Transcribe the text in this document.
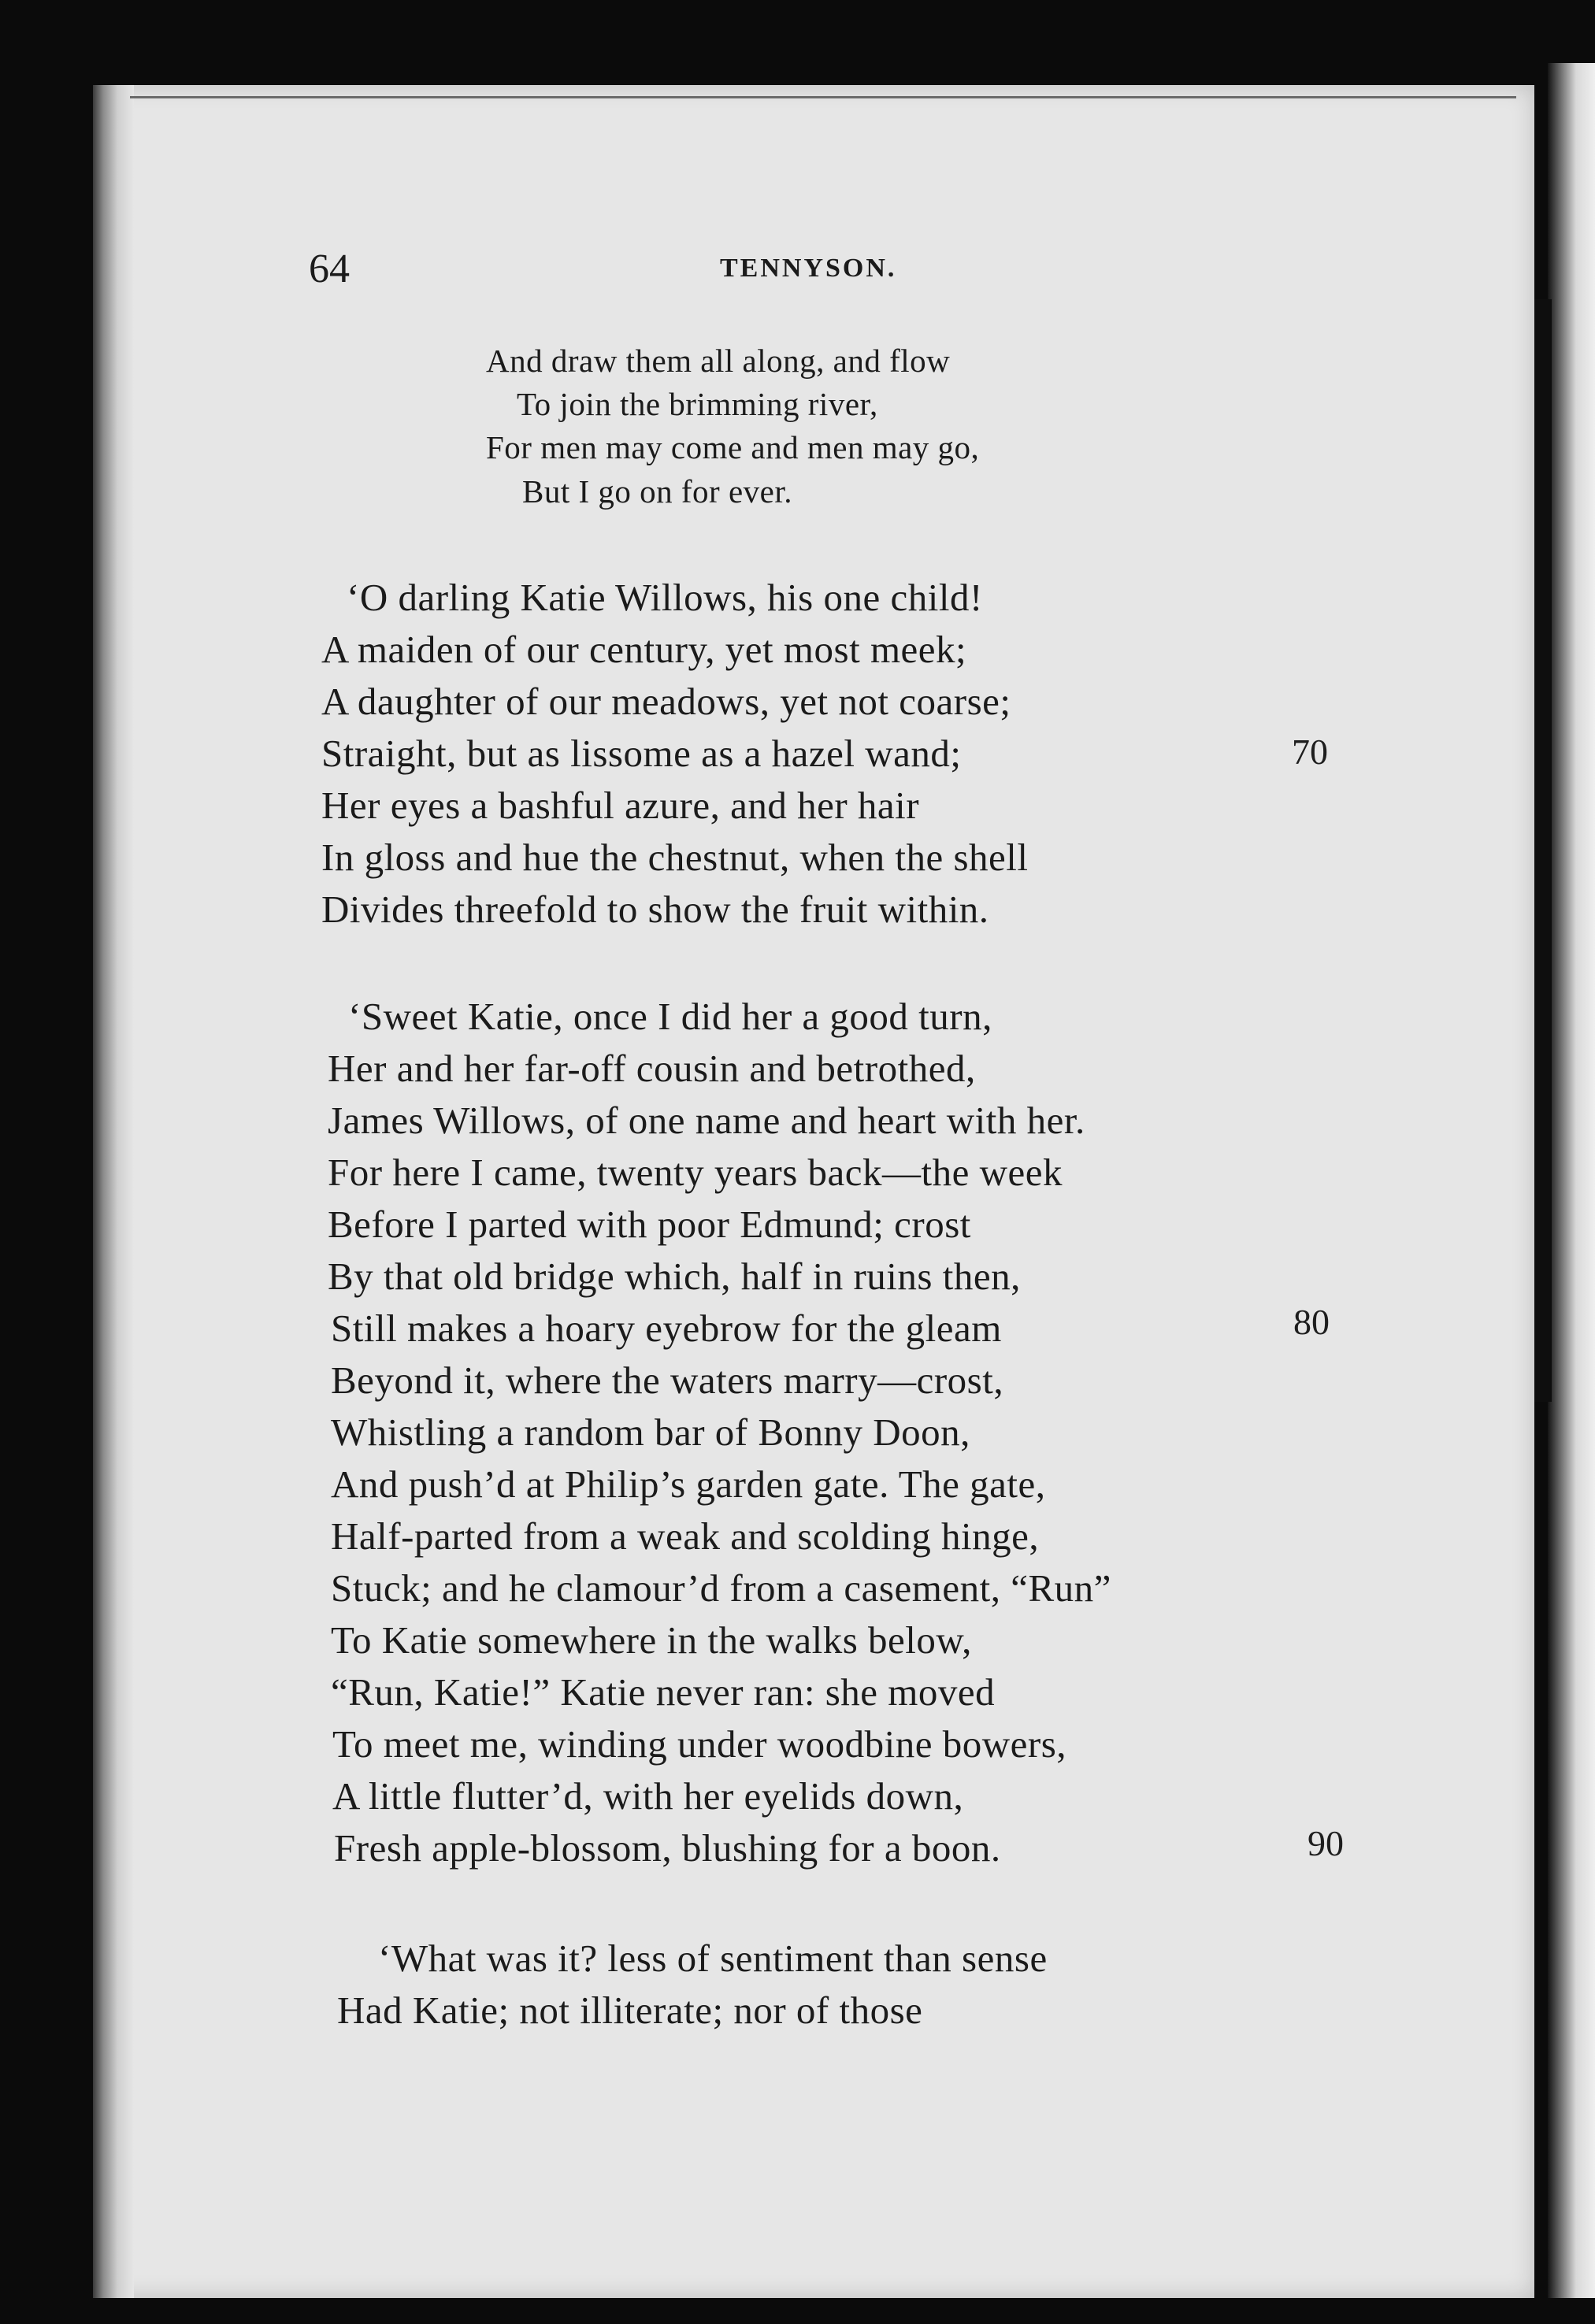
64	TENNYSON.
And draw them all along, and flow
To join the brimming river,
For men may come and men may go,
But I go on for ever.
‘O darling Katie Willows, his one child!
A maiden of our century, yet most meek;
A daughter of our meadows, yet not coarse;
Straight, but as lissome as a hazel wand;
Her eyes a bashful azure, and her hair
In gloss and hue the chestnut, when the shell
Divides threefold to show the fruit within.
70
‘Sweet Katie, once I did her a good turn,
Her and her far-off cousin and betrothed,
James Willows, of one name and heart with her.
For here I came, twenty years back—the week
Before I parted with poor Edmund; crost
By that old bridge which, half in ruins then,
Still makes a hoary eyebrow for the gleam
Beyond it, where the waters marry—crost,
Whistling a random bar of Bonny Doon,
And push’d at Philip’s garden gate. The gate,
Half-parted from a weak and scolding hinge,
Stuck; and he clamour’d from a casement, “Run”
To Katie somewhere in the walks below,
“Run, Katie!” Katie never ran: she moved
To meet me, winding under woodbine bowers,
A little flutter’d, with her eyelids down,
Fresh apple-blossom, blushing for a boon.
80
90
‘What was it? less of sentiment than sense
Had Katie; not illiterate; nor of those
